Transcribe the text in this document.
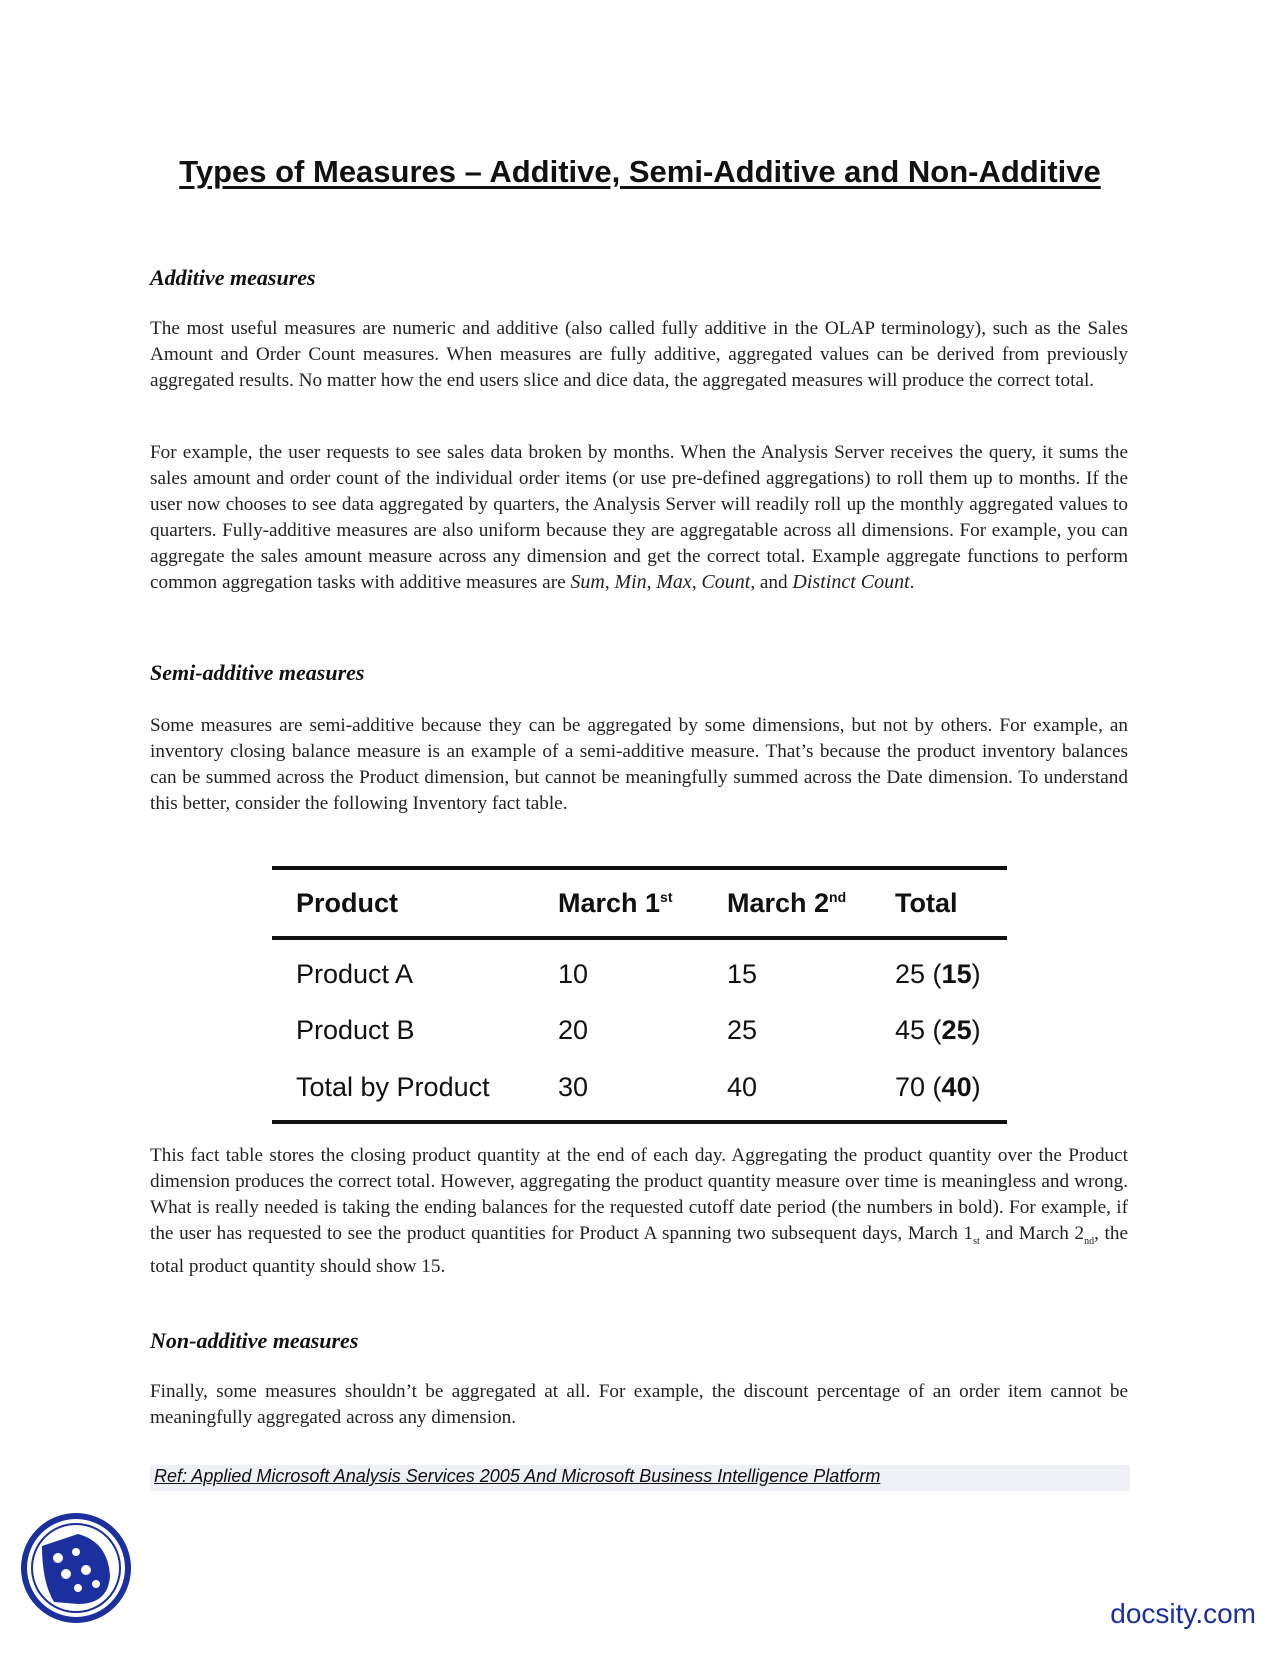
Types of Measures – Additive, Semi-Additive and Non-Additive
Additive measures
The most useful measures are numeric and additive (also called fully additive in the OLAP terminology), such as the Sales Amount and Order Count measures. When measures are fully additive, aggregated values can be derived from previously aggregated results. No matter how the end users slice and dice data, the aggregated measures will produce the correct total.
For example, the user requests to see sales data broken by months. When the Analysis Server receives the query, it sums the sales amount and order count of the individual order items (or use pre-defined aggregations) to roll them up to months. If the user now chooses to see data aggregated by quarters, the Analysis Server will readily roll up the monthly aggregated values to quarters. Fully-additive measures are also uniform because they are aggregatable across all dimensions. For example, you can aggregate the sales amount measure across any dimension and get the correct total. Example aggregate functions to perform common aggregation tasks with additive measures are Sum, Min, Max, Count, and Distinct Count.
Semi-additive measures
Some measures are semi-additive because they can be aggregated by some dimensions, but not by others. For example, an inventory closing balance measure is an example of a semi-additive measure. That’s because the product inventory balances can be summed across the Product dimension, but cannot be meaningfully summed across the Date dimension. To understand this better, consider the following Inventory fact table.
Product	March 1st	March 2nd	Total
Product A	10	15	25 (15)
Product B	20	25	45 (25)
Total by Product	30	40	70 (40)
This fact table stores the closing product quantity at the end of each day. Aggregating the product quantity over the Product dimension produces the correct total. However, aggregating the product quantity measure over time is meaningless and wrong. What is really needed is taking the ending balances for the requested cutoff date period (the numbers in bold). For example, if the user has requested to see the product quantities for Product A spanning two subsequent days, March $1_{st}$ and March $2_{nd}$, the total product quantity should show 15.
Non-additive measures
Finally, some measures shouldn’t be aggregated at all. For example, the discount percentage of an order item cannot be meaningfully aggregated across any dimension.
Ref: Applied Microsoft Analysis Services 2005 And Microsoft Business Intelligence Platform
docsity.com
